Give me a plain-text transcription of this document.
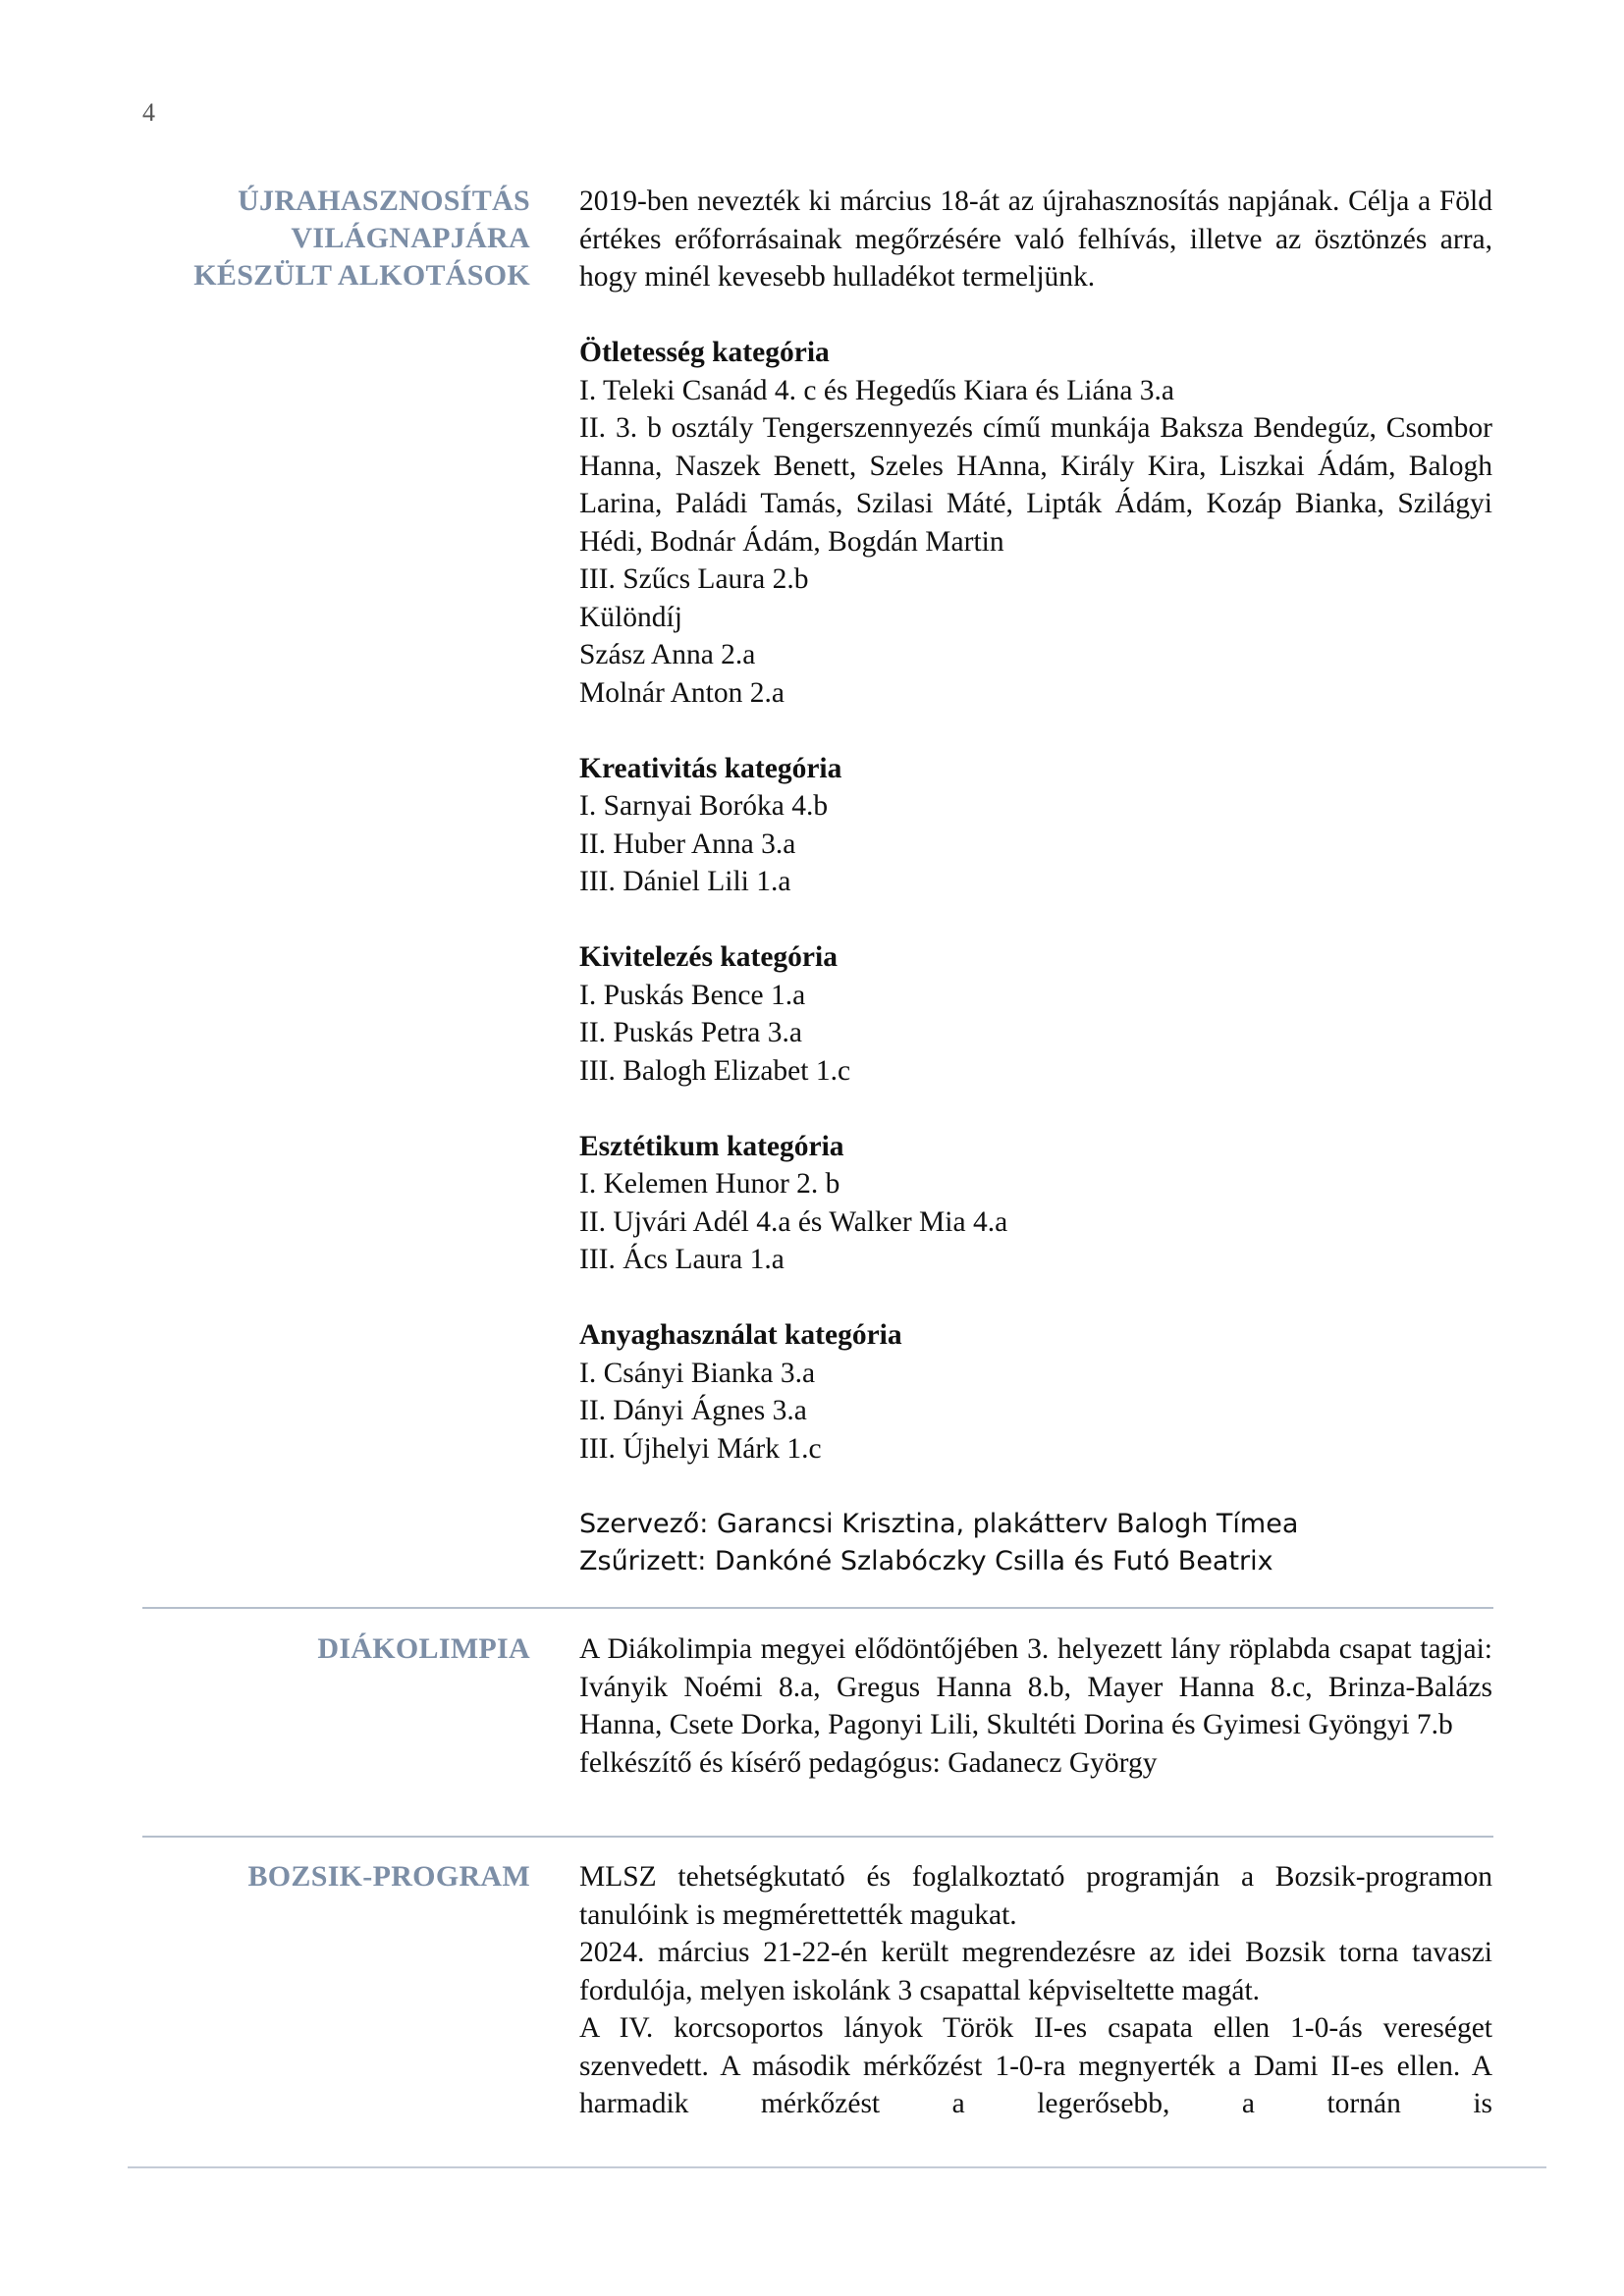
4
ÚJRAHASZNOSÍTÁS
VILÁGNAPJÁRA
KÉSZÜLT ALKOTÁSOK

2019-ben nevezték ki március 18-át az újrahasznosítás napjának. Célja a Föld értékes erőforrásainak megőrzésére való felhívás, illetve az ösztönzés arra, hogy minél kevesebb hulladékot termeljünk.

Ötletesség kategória
I. Teleki Csanád 4. c és Hegedűs Kiara és Liána 3.a

II. 3. b osztály Tengerszennyezés című munkája Baksza Bendegúz, Csombor Hanna, Naszek Benett, Szeles HAnna, Király Kira, Liszkai Ádám, Balogh Larina, Paládi Tamás, Szilasi Máté, Lipták Ádám, Kozáp Bianka, Szilágyi Hédi, Bodnár Ádám, Bogdán Martin

III. Szűcs Laura 2.b
Különdíj
Szász Anna 2.a
Molnár Anton 2.a
Kreativitás kategória
I. Sarnyai Boróka 4.b
II. Huber Anna 3.a
III. Dániel Lili 1.a
Kivitelezés kategória
I. Puskás Bence 1.a
II. Puskás Petra 3.a
III. Balogh Elizabet 1.c
Esztétikum kategória
I. Kelemen Hunor 2. b
II. Ujvári Adél 4.a és Walker Mia 4.a
III. Ács Laura 1.a
Anyaghasználat kategória
I. Csányi Bianka 3.a
II. Dányi Ágnes 3.a
III. Újhelyi Márk 1.c
Szervező: Garancsi Krisztina, plakátterv Balogh Tímea
Zsűrizett: Dankóné Szlabóczky Csilla és Futó Beatrix
DIÁKOLIMPIA A Diákolimpia megyei elődöntőjében 3. helyezett lány röplabda csapat tagjai: Iványik Noémi 8.a, Gregus Hanna 8.b, Mayer Hanna 8.c, Brinza-Balázs Hanna, Csete Dorka, Pagonyi Lili, Skultéti Dorina és Gyimesi Gyöngyi 7.b

felkészítő és kísérő pedagógus: Gadanecz György
BOZSIK-PROGRAM MLSZ tehetségkutató és foglalkoztató programján a Bozsik-programon tanulóink is megmérettették magukat.

2024. március 21-22-én került megrendezésre az idei Bozsik torna tavaszi fordulója, melyen iskolánk 3 csapattal képviseltette magát.

A IV. korcsoportos lányok Török II-es csapata ellen 1-0-ás vereséget szenvedett. A második mérkőzést 1-0-ra megnyerték a Dami II-es ellen. A harmadik mérkőzést a legerősebb, a tornán is
